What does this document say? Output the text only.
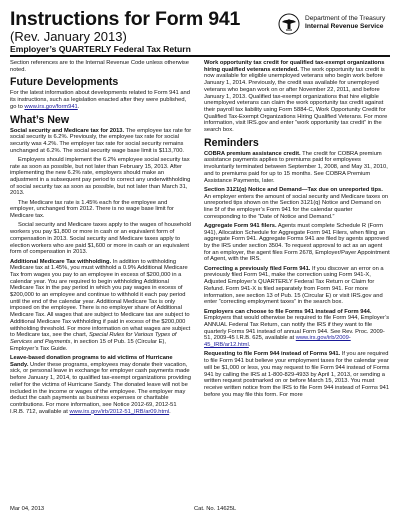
Instructions for Form 941
(Rev. January 2013)
Employer’s QUARTERLY Federal Tax Return
Department of the Treasury
Internal Revenue Service

Section references are to the Internal Revenue Code unless otherwise noted.

Future Developments

For the latest information about developments related to Form 941 and its instructions, such as legislation enacted after they were published, go to www.irs.gov/form941.

What’s New

Social security and Medicare tax for 2013. The employee tax rate for social security is 6.2%. Previously, the employee tax rate for social security was 4.2%. The employer tax rate for social security remains unchanged at 6.2%. The social security wage base limit is $113,700.

Employers should implement the 6.2% employee social security tax rate as soon as possible, but not later than February 15, 2013. After implementing the new 6.2% rate, employers should make an adjustment in a subsequent pay period to correct any underwithholding of social security tax as soon as possible, but not later than March 31, 2013.

The Medicare tax rate is 1.45% each for the employee and employer, unchanged from 2012. There is no wage base limit for Medicare tax.

Social security and Medicare taxes apply to the wages of household workers you pay $1,800 or more in cash or an equivalent form of compensation in 2013. Social security and Medicare taxes apply to election workers who are paid $1,600 or more in cash or an equivalent form of compensation in 2013.

Additional Medicare Tax withholding. In addition to withholding Medicare tax at 1.45%, you must withhold a 0.9% Additional Medicare Tax from wages you pay to an employee in excess of $200,000 in a calendar year. You are required to begin withholding Additional Medicare Tax in the pay period in which you pay wages in excess of $200,000 to an employee and continue to withhold it each pay period until the end of the calendar year. Additional Medicare Tax is only imposed on the employee. There is no employer share of Additional Medicare Tax. All wages that are subject to Medicare tax are subject to Additional Medicare Tax withholding if paid in excess of the $200,000 withholding threshold. For more information on what wages are subject to Medicare tax, see the chart, Special Rules for Various Types of Services and Payments, in section 15 of Pub. 15 (Circular E), Employer’s Tax Guide.

Leave-based donation programs to aid victims of Hurricane Sandy. Under these programs, employees may donate their vacation, sick, or personal leave in exchange for employer cash payments made before January 1, 2014, to qualified tax-exempt organizations providing relief for the victims of Hurricane Sandy. The donated leave will not be included in the income or wages of the employee. The employer may deduct the cash payments as business expenses or charitable contributions. For more information, see Notice 2012-69, 2012-51 I.R.B. 712, available at www.irs.gov/irb/2012-51_IRB/ar09.html.

Work opportunity tax credit for qualified tax-exempt organizations hiring qualified veterans extended. The work opportunity tax credit is now available for eligible unemployed veterans who begin work before January 1, 2014. Previously, the credit was available for unemployed veterans who began work on or after November 22, 2011, and before January 1, 2013. Qualified tax-exempt organizations that hire eligible unemployed veterans can claim the work opportunity tax credit against their payroll tax liability using Form 5884-C, Work Opportunity Credit for Qualified Tax-Exempt Organizations Hiring Qualified Veterans. For more information, visit IRS.gov and enter “work opportunity tax credit” in the search box.

Reminders

COBRA premium assistance credit. The credit for COBRA premium assistance payments applies to premiums paid for employees involuntarily terminated between September 1, 2008, and May 31, 2010, and to premiums paid for up to 15 months. See COBRA Premium Assistance Payments, later.

Section 3121(q) Notice and Demand—Tax due on unreported tips. An employer enters the amount of social security and Medicare taxes on unreported tips shown on the Section 3121(q) Notice and Demand on line 5f of the employer’s Form 941 for the calendar quarter corresponding to the “Date of Notice and Demand.”

Aggregate Form 941 filers. Agents must complete Schedule R (Form 941), Allocation Schedule for Aggregate Form 941 Filers, when filing an aggregate Form 941. Aggregate Forms 941 are filed by agents approved by the IRS under section 3504. To request approval to act as an agent for an employer, the agent files Form 2678, Employer/Payer Appointment of Agent, with the IRS.

Correcting a previously filed Form 941. If you discover an error on a previously filed Form 941, make the correction using Form 941-X, Adjusted Employer’s QUARTERLY Federal Tax Return or Claim for Refund. Form 941-X is filed separately from Form 941. For more information, see section 13 of Pub. 15 (Circular E) or visit IRS.gov and enter “correcting employment taxes” in the search box.

Employers can choose to file Forms 941 instead of Form 944. Employers that would otherwise be required to file Form 944, Employer’s ANNUAL Federal Tax Return, can notify the IRS if they want to file quarterly Forms 941 instead of annual Form 944. See Rev. Proc. 2009-51, 2009-45 I.R.B. 625, available at www.irs.gov/irb/2009-45_IRB/ar12.html.

Requesting to file Form 944 instead of Forms 941. If you are required to file Form 941 but believe your employment taxes for the calendar year will be $1,000 or less, you may request to file Form 944 instead of Forms 941 by calling the IRS at 1-800-829-4933 by April 1, 2013, or sending a written request postmarked on or before March 15, 2013. You must receive written notice from the IRS to file Form 944 instead of Forms 941 before you may file this form. For more

Mar 04, 2013	Cat. No. 14625L
